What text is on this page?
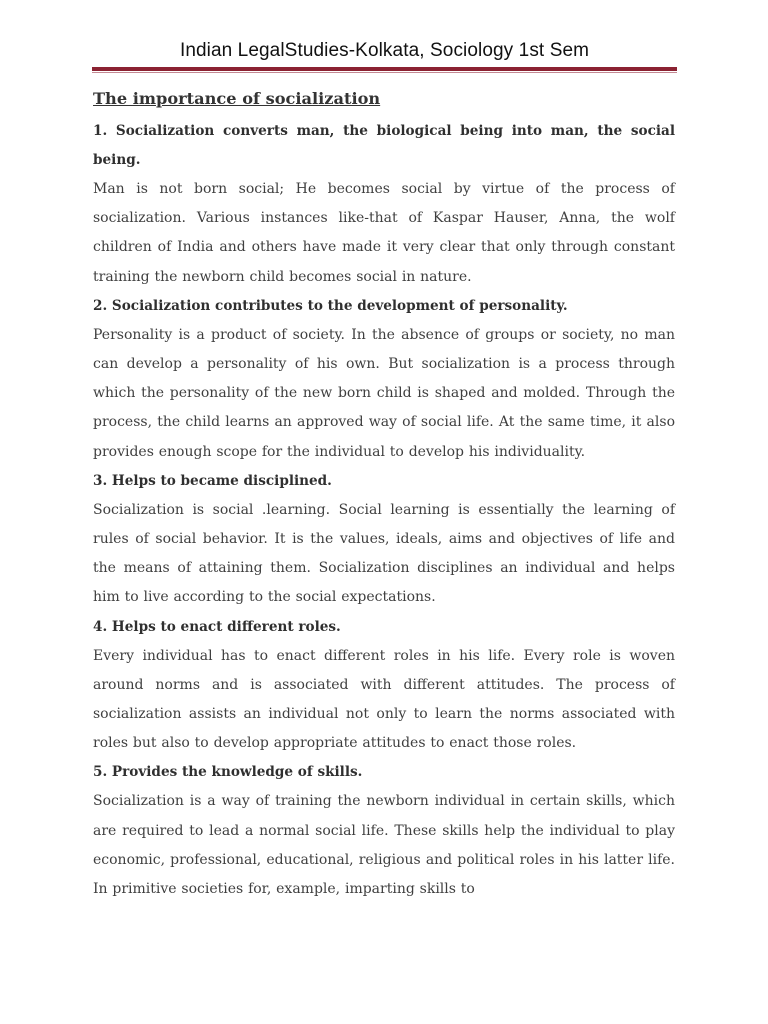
Indian LegalStudies-Kolkata, Sociology 1st Sem
The importance of socialization

1. Socialization converts man, the biological being into man, the social being.

Man is not born social; He becomes social by virtue of the process of socialization. Various instances like-that of Kaspar Hauser, Anna, the wolf children of India and others have made it very clear that only through constant training the newborn child becomes social in nature.

2. Socialization contributes to the development of personality.

Personality is a product of society. In the absence of groups or society, no man can develop a personality of his own. But socialization is a process through which the personality of the new born child is shaped and molded. Through the process, the child learns an approved way of social life. At the same time, it also provides enough scope for the individual to develop his individuality.

3. Helps to became disciplined.

Socialization is social .learning. Social learning is essentially the learning of rules of social behavior. It is the values, ideals, aims and objectives of life and the means of attaining them. Socialization disciplines an individual and helps him to live according to the social expectations.

4. Helps to enact different roles.

Every individual has to enact different roles in his life. Every role is woven around norms and is associated with different attitudes. The process of socialization assists an individual not only to learn the norms associated with roles but also to develop appropriate attitudes to enact those roles.

5. Provides the knowledge of skills.

Socialization is a way of training the newborn individual in certain skills, which are required to lead a normal social life. These skills help the individual to play economic, professional, educational, religious and political roles in his latter life. In primitive societies for, example, imparting skills to
